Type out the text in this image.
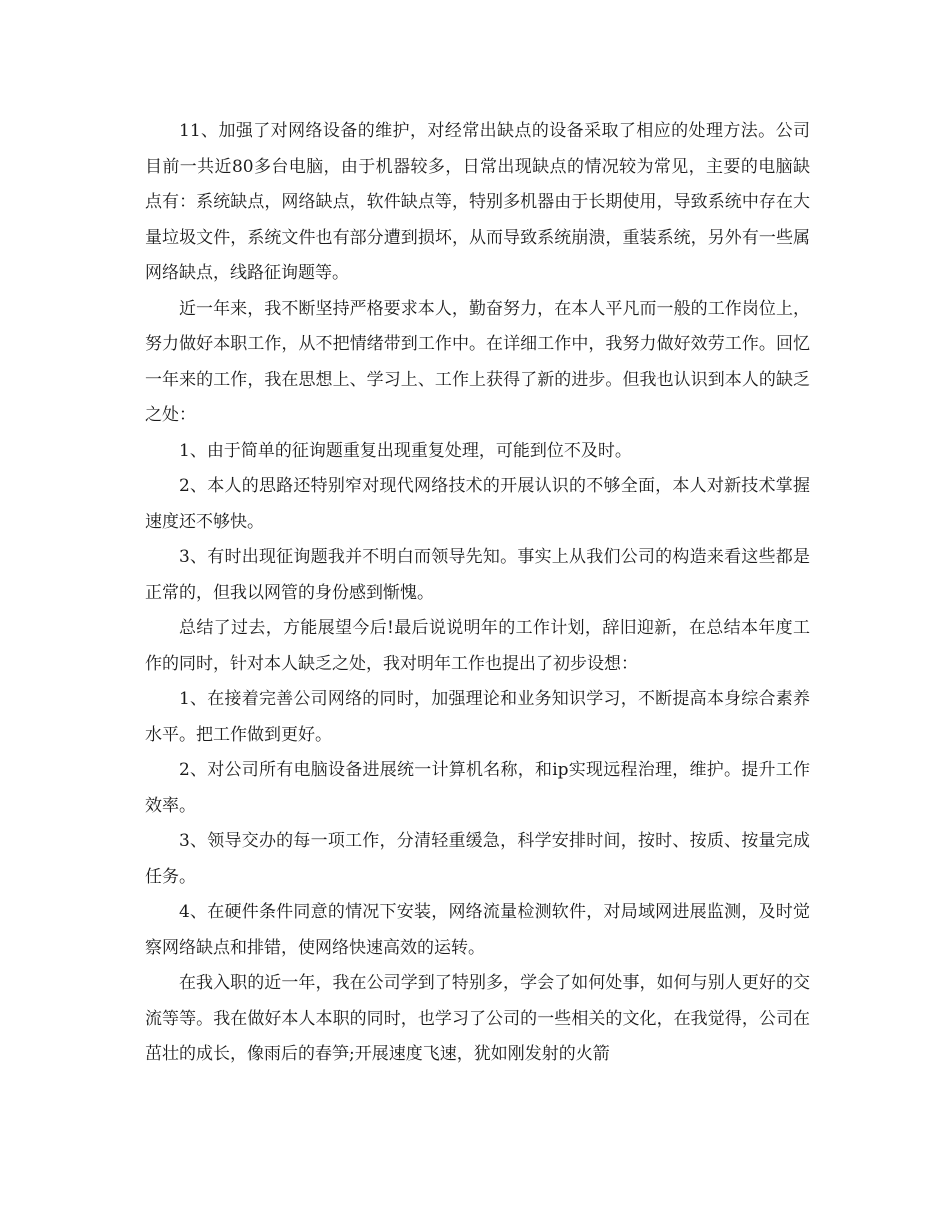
11、加强了对网络设备的维护，对经常出缺点的设备采取了相应的处理方法。公司目前一共近80多台电脑，由于机器较多，日常出现缺点的情况较为常见，主要的电脑缺点有：系统缺点，网络缺点，软件缺点等，特别多机器由于长期使用，导致系统中存在大量垃圾文件，系统文件也有部分遭到损坏，从而导致系统崩溃，重装系统，另外有一些属网络缺点，线路征询题等。

近一年来，我不断坚持严格要求本人，勤奋努力，在本人平凡而一般的工作岗位上，努力做好本职工作，从不把情绪带到工作中。在详细工作中，我努力做好效劳工作。回忆一年来的工作，我在思想上、学习上、工作上获得了新的进步。但我也认识到本人的缺乏之处：

1、由于简单的征询题重复出现重复处理，可能到位不及时。

2、本人的思路还特别窄对现代网络技术的开展认识的不够全面，本人对新技术掌握速度还不够快。

3、有时出现征询题我并不明白而领导先知。事实上从我们公司的构造来看这些都是正常的，但我以网管的身份感到惭愧。

总结了过去，方能展望今后!最后说说明年的工作计划，辞旧迎新，在总结本年度工作的同时，针对本人缺乏之处，我对明年工作也提出了初步设想：

1、在接着完善公司网络的同时，加强理论和业务知识学习，不断提高本身综合素养水平。把工作做到更好。

2、对公司所有电脑设备进展统一计算机名称，和ip实现远程治理，维护。提升工作效率。

3、领导交办的每一项工作，分清轻重缓急，科学安排时间，按时、按质、按量完成任务。

4、在硬件条件同意的情况下安装，网络流量检测软件，对局域网进展监测，及时觉察网络缺点和排错，使网络快速高效的运转。

在我入职的近一年，我在公司学到了特别多，学会了如何处事，如何与别人更好的交流等等。我在做好本人本职的同时，也学习了公司的一些相关的文化，在我觉得，公司在茁壮的成长，像雨后的春笋;开展速度飞速，犹如刚发射的火箭
